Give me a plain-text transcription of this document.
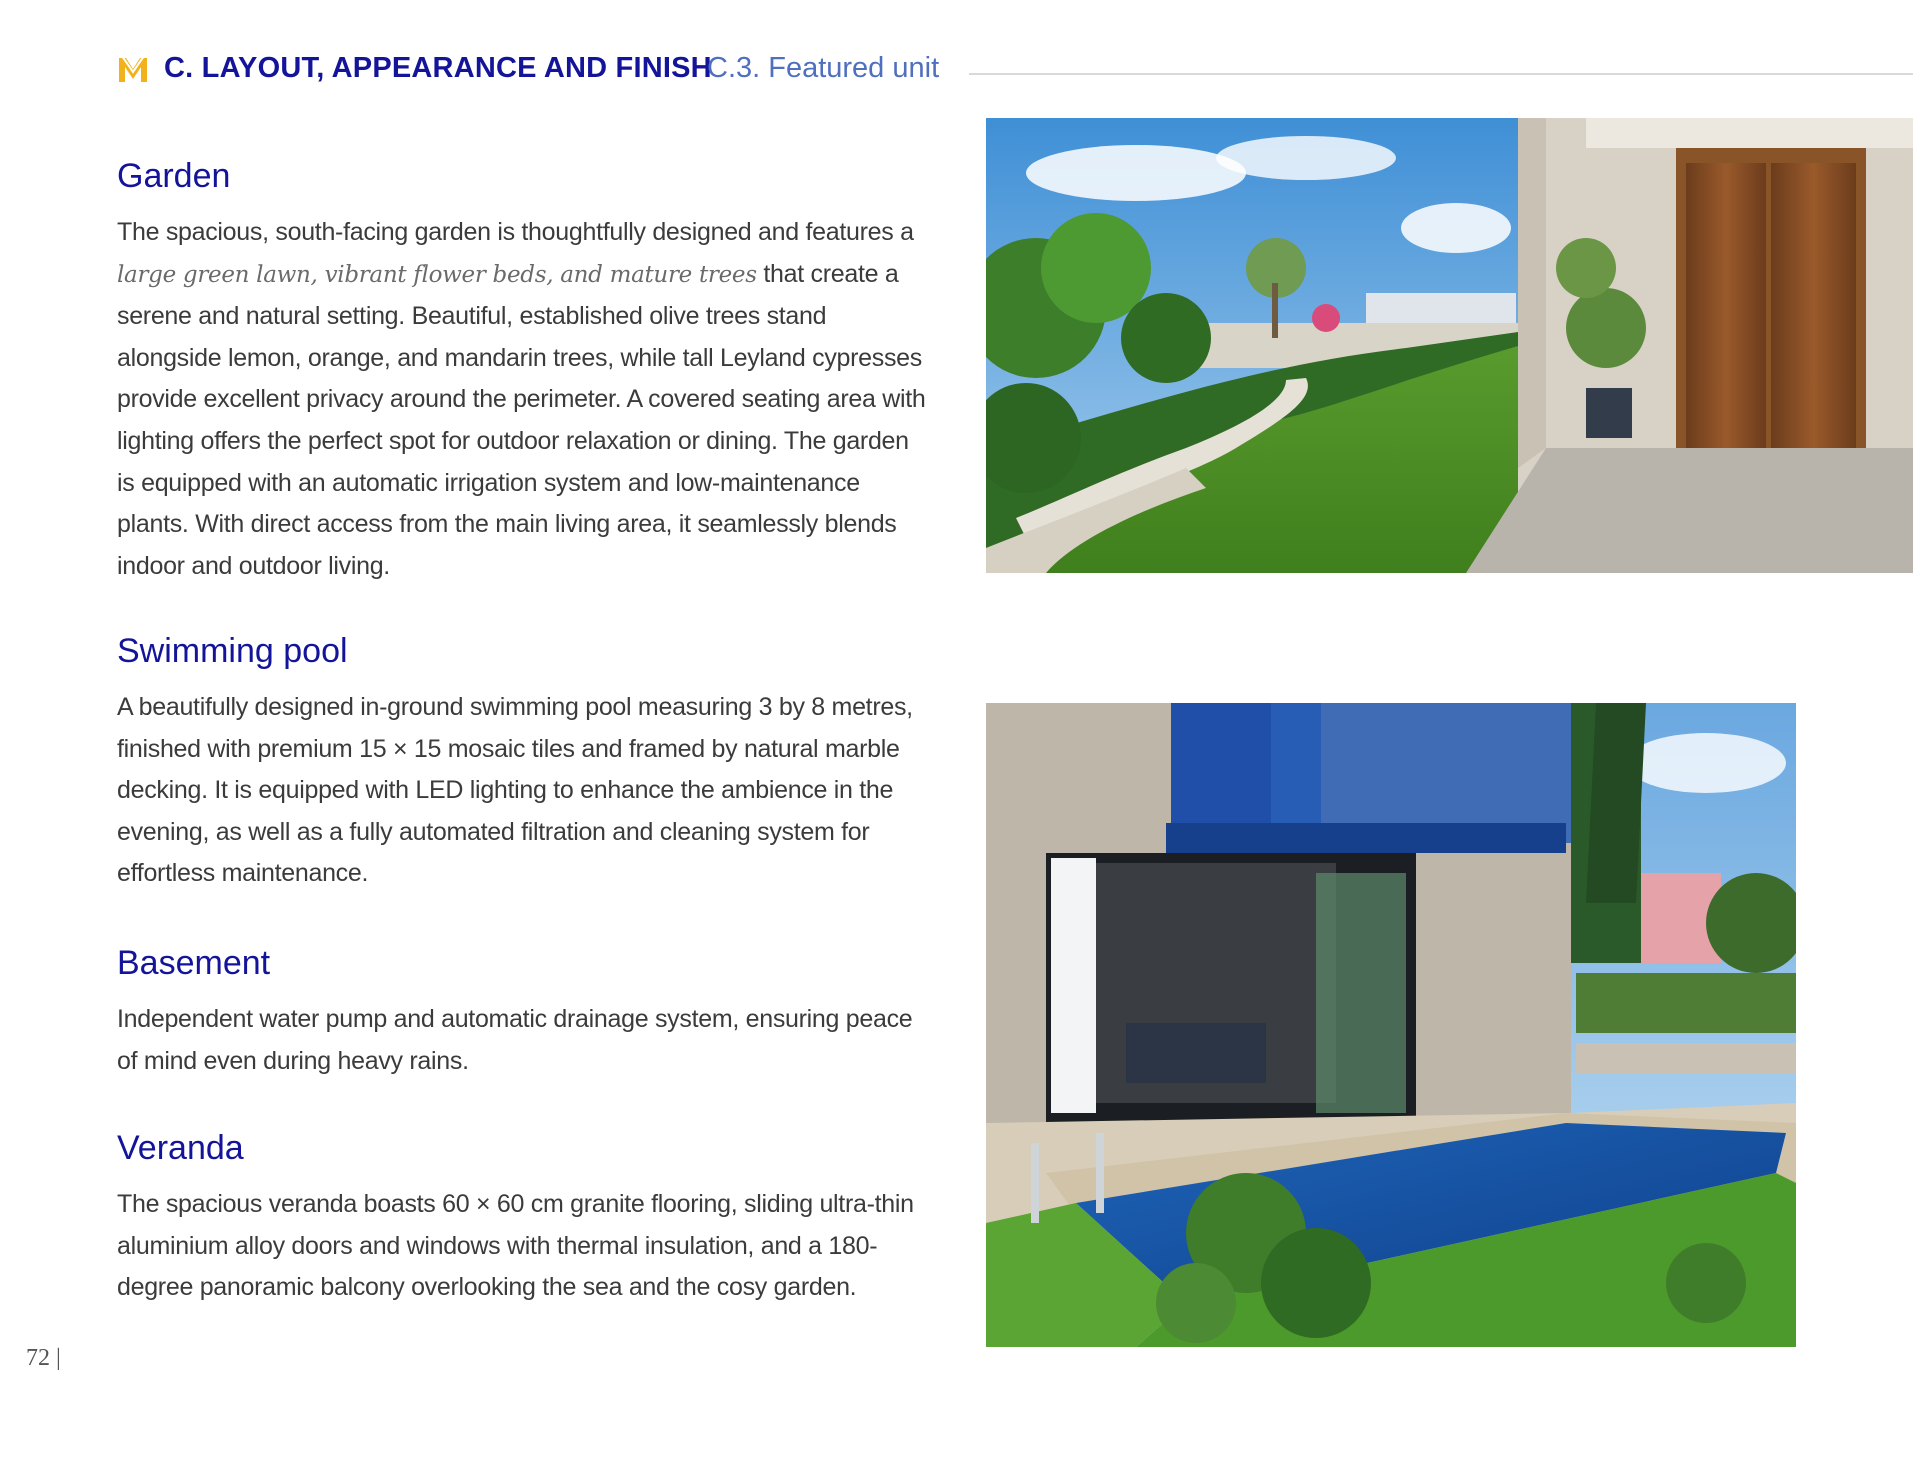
C. LAYOUT, APPEARANCE AND FINISH
C.3. Featured unit
Garden

The spacious, south-facing garden is thoughtfully designed and features a large green lawn, vibrant flower beds, and mature trees that create a serene and natural setting. Beautiful, established olive trees stand alongside lemon, orange, and mandarin trees, while tall Leyland cypresses provide excellent privacy around the perimeter. A covered seating area with lighting offers the perfect spot for outdoor relaxation or dining. The garden is equipped with an automatic irrigation system and low-maintenance plants. With direct access from the main living area, it seamlessly blends indoor and outdoor living.

Swimming pool

A beautifully designed in-ground swimming pool measuring 3 by 8 metres, finished with premium 15 × 15 mosaic tiles and framed by natural marble decking. It is equipped with LED lighting to enhance the ambience in the evening, as well as a fully automated filtration and cleaning system for effortless maintenance.

Basement

Independent water pump and automatic drainage system, ensuring peace of mind even during heavy rains.

Veranda

The spacious veranda boasts 60 × 60 cm granite flooring, sliding ultra-thin aluminium alloy doors and windows with thermal insulation, and a 180-degree panoramic balcony overlooking the sea and the cosy garden.

72 |
